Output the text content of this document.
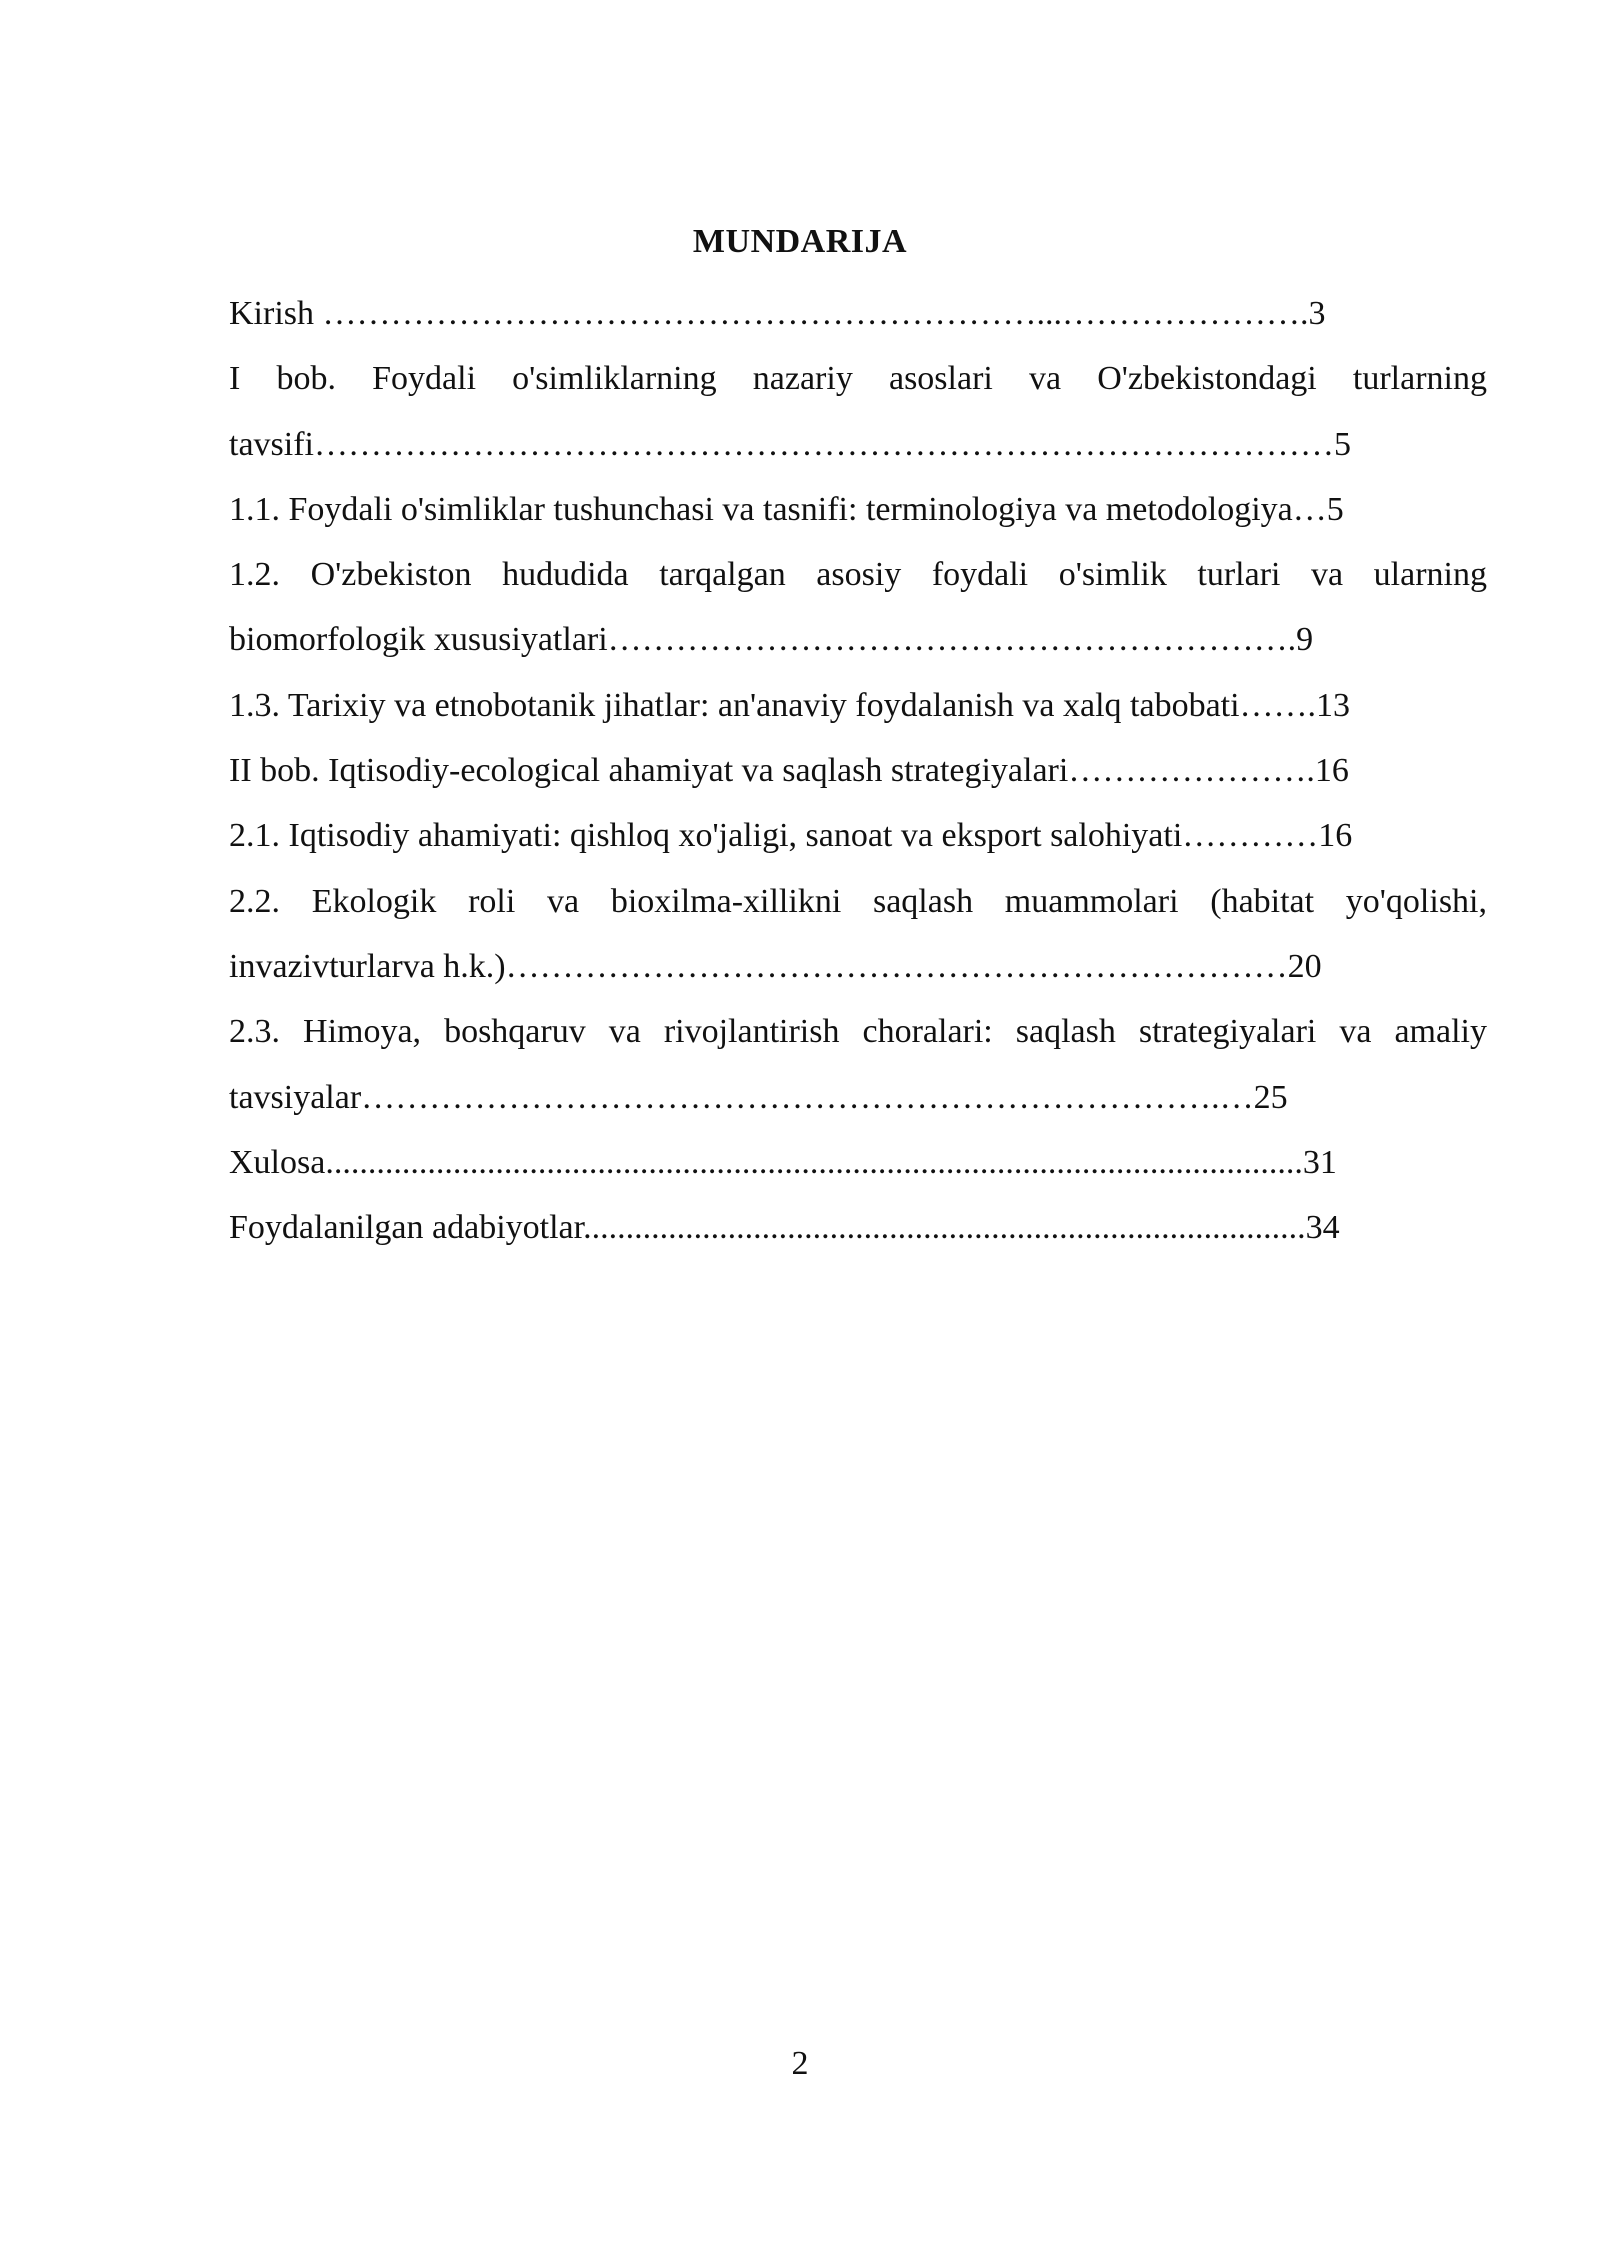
MUNDARIJA
Kirish ………………………………………………………...………………….3
I bob. Foydali o'simliklarning nazariy asoslari va O'zbekistondagi turlarning
tavsifi………………………………………………………………………………5
1.1. Foydali o'simliklar tushunchasi va tasnifi: terminologiya va metodologiya…5
1.2. O'zbekiston hududida tarqalgan asosiy foydali o'simlik turlari va ularning
biomorfologik xususiyatlari…………………………………………………….9
1.3. Tarixiy va etnobotanik jihatlar: an'anaviy foydalanish va xalq tabobati…….13
II bob. Iqtisodiy-ecological ahamiyat va saqlash strategiyalari………………….16
2.1. Iqtisodiy ahamiyati: qishloq xo'jaligi, sanoat va eksport salohiyati…………16
2.2. Ekologik roli va bioxilma-xillikni saqlash muammolari (habitat yo'qolishi,
invazivturlarva h.k.)……………………………………………………………20
2.3. Himoya, boshqaruv va rivojlantirish choralari: saqlash strategiyalari va amaliy
tavsiyalar………………………………………………………………….…25
Xulosa...................................................................................................................31
Foydalanilgan adabiyotlar.....................................................................................34
2
